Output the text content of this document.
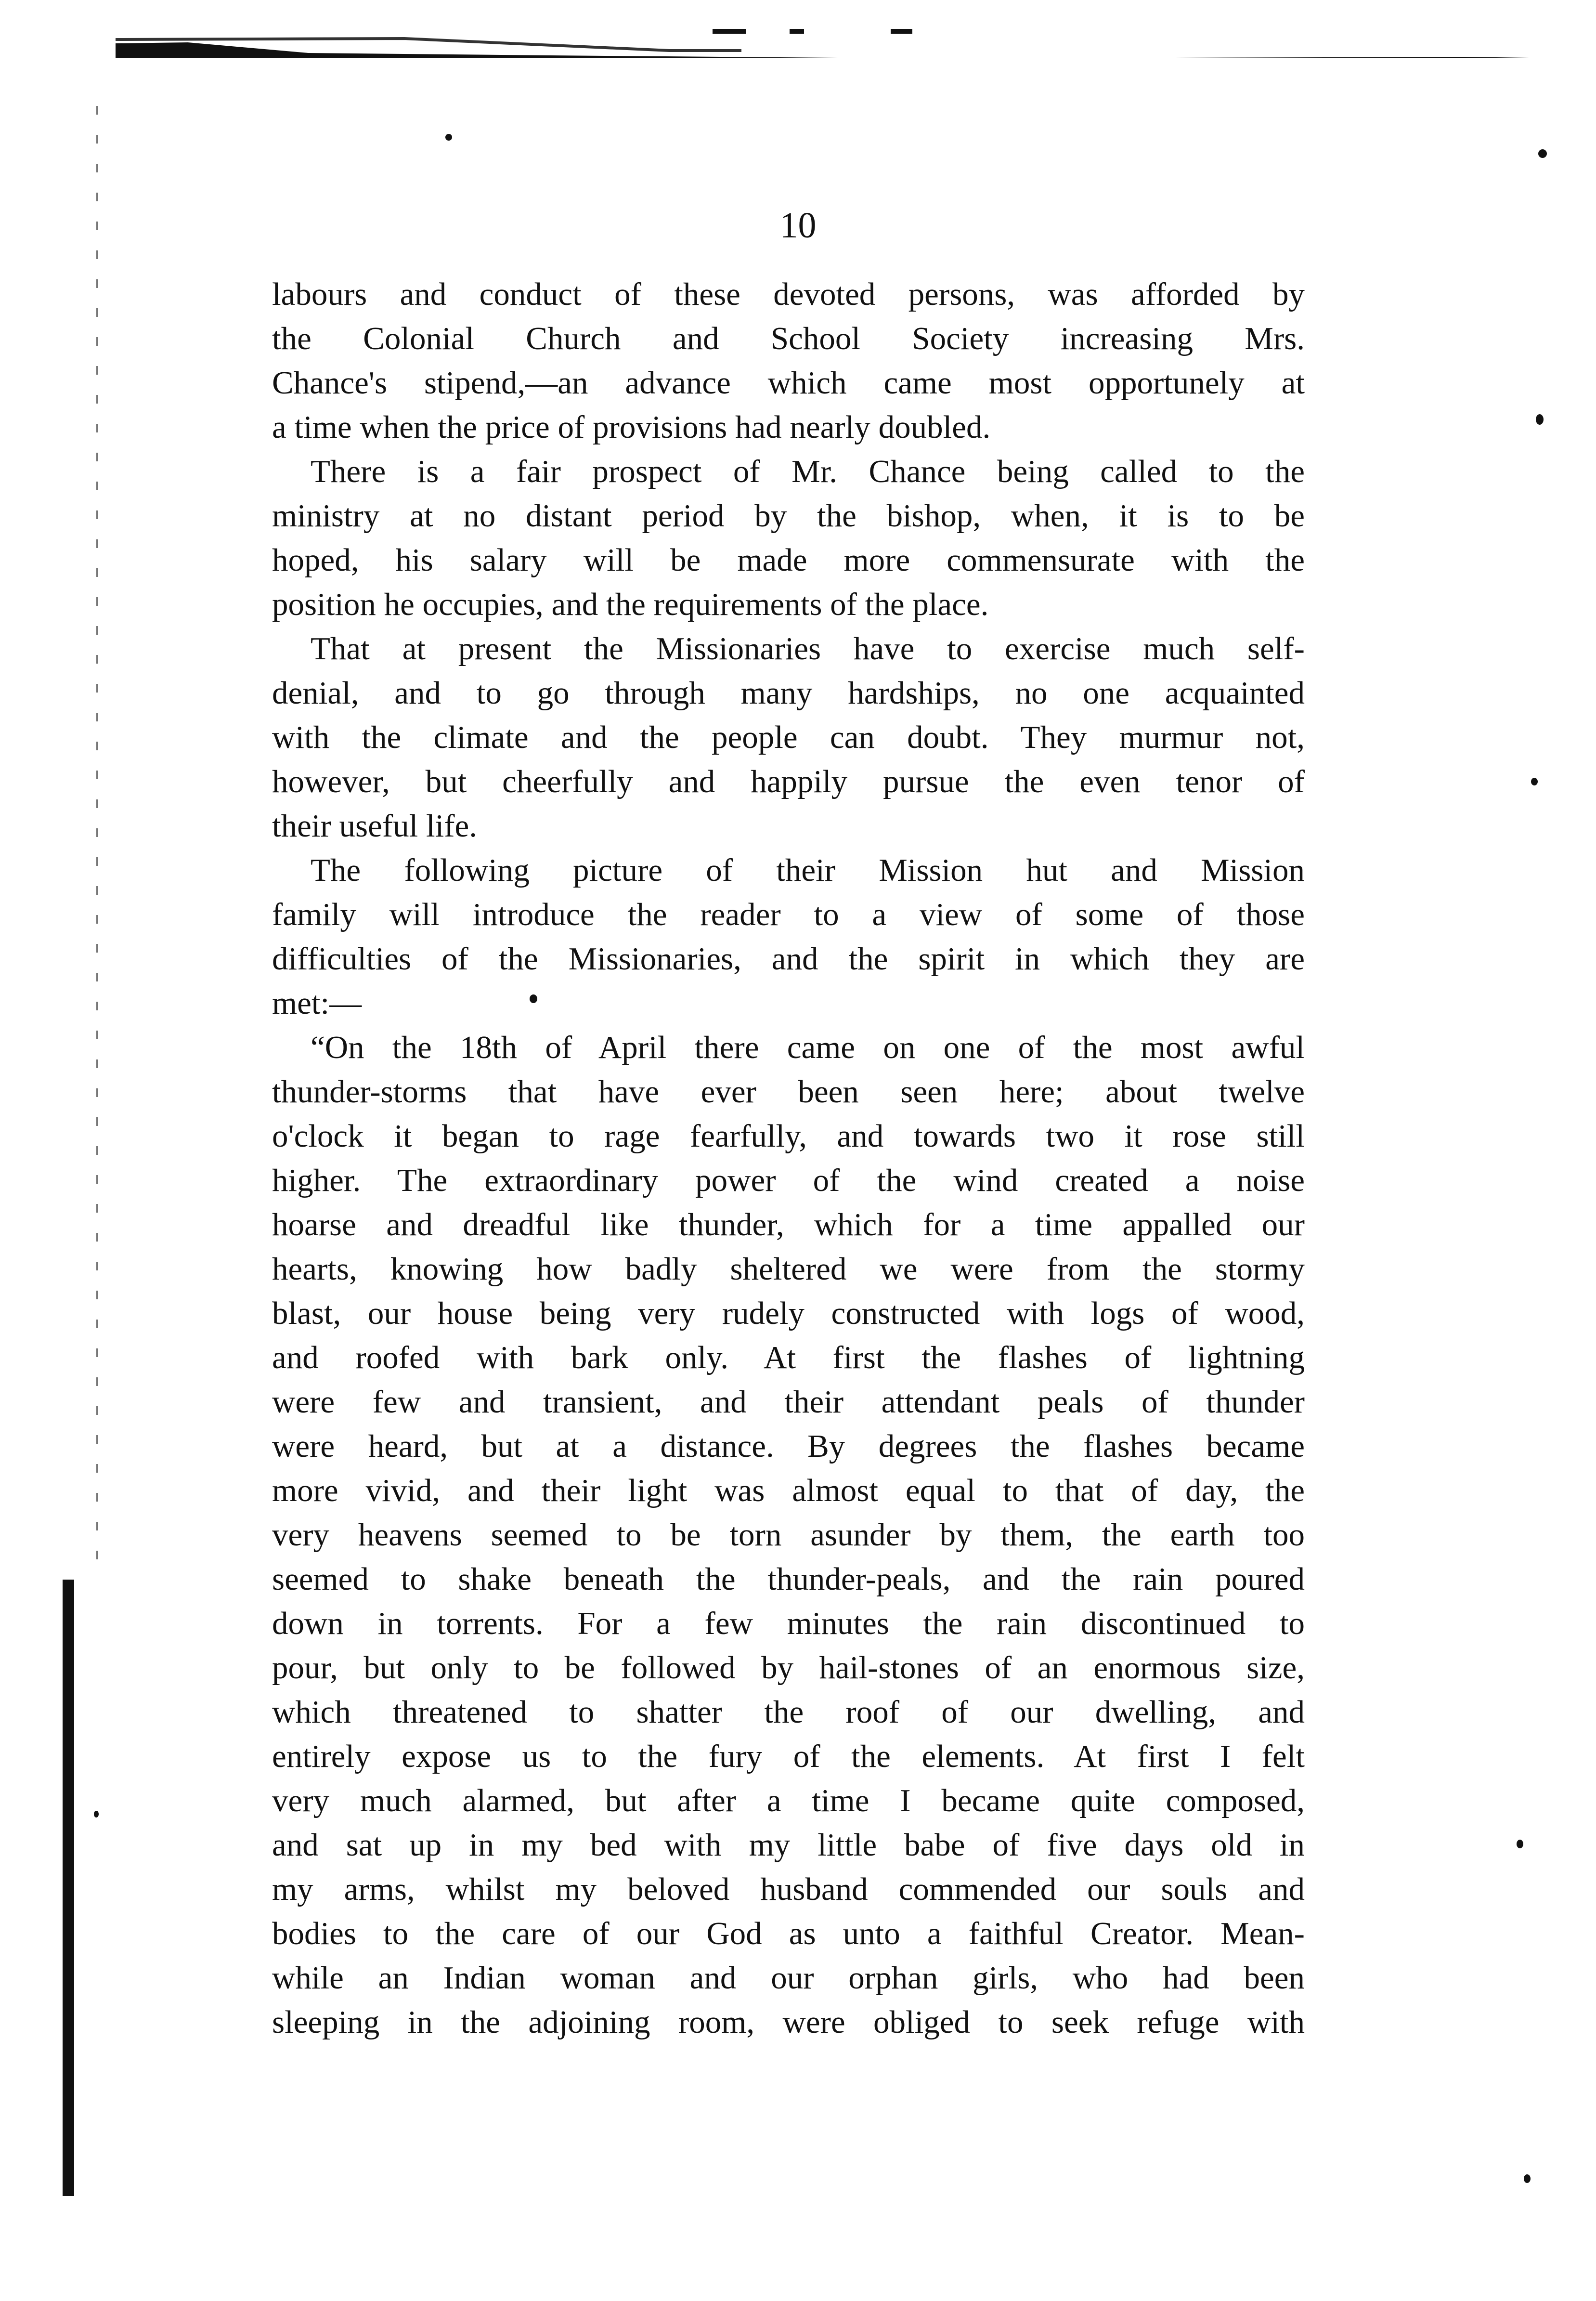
10
labours and conduct of these devoted persons, was afforded by
the Colonial Church and School Society increasing Mrs.
Chance's stipend,—an advance which came most opportunely at
a time when the price of provisions had nearly doubled.
There is a fair prospect of Mr. Chance being called to the
ministry at no distant period by the bishop, when, it is to be
hoped, his salary will be made more commensurate with the
position he occupies, and the requirements of the place.
That at present the Missionaries have to exercise much self-
denial, and to go through many hardships, no one acquainted
with the climate and the people can doubt. They murmur not,
however, but cheerfully and happily pursue the even tenor of
their useful life.
The following picture of their Mission hut and Mission
family will introduce the reader to a view of some of those
difficulties of the Missionaries, and the spirit in which they are
met:—
“On the 18th of April there came on one of the most awful
thunder-storms that have ever been seen here; about twelve
o'clock it began to rage fearfully, and towards two it rose still
higher. The extraordinary power of the wind created a noise
hoarse and dreadful like thunder, which for a time appalled our
hearts, knowing how badly sheltered we were from the stormy
blast, our house being very rudely constructed with logs of wood,
and roofed with bark only. At first the flashes of lightning
were few and transient, and their attendant peals of thunder
were heard, but at a distance. By degrees the flashes became
more vivid, and their light was almost equal to that of day, the
very heavens seemed to be torn asunder by them, the earth too
seemed to shake beneath the thunder-peals, and the rain poured
down in torrents. For a few minutes the rain discontinued to
pour, but only to be followed by hail-stones of an enormous size,
which threatened to shatter the roof of our dwelling, and
entirely expose us to the fury of the elements. At first I felt
very much alarmed, but after a time I became quite composed,
and sat up in my bed with my little babe of five days old in
my arms, whilst my beloved husband commended our souls and
bodies to the care of our God as unto a faithful Creator. Mean-
while an Indian woman and our orphan girls, who had been
sleeping in the adjoining room, were obliged to seek refuge with
